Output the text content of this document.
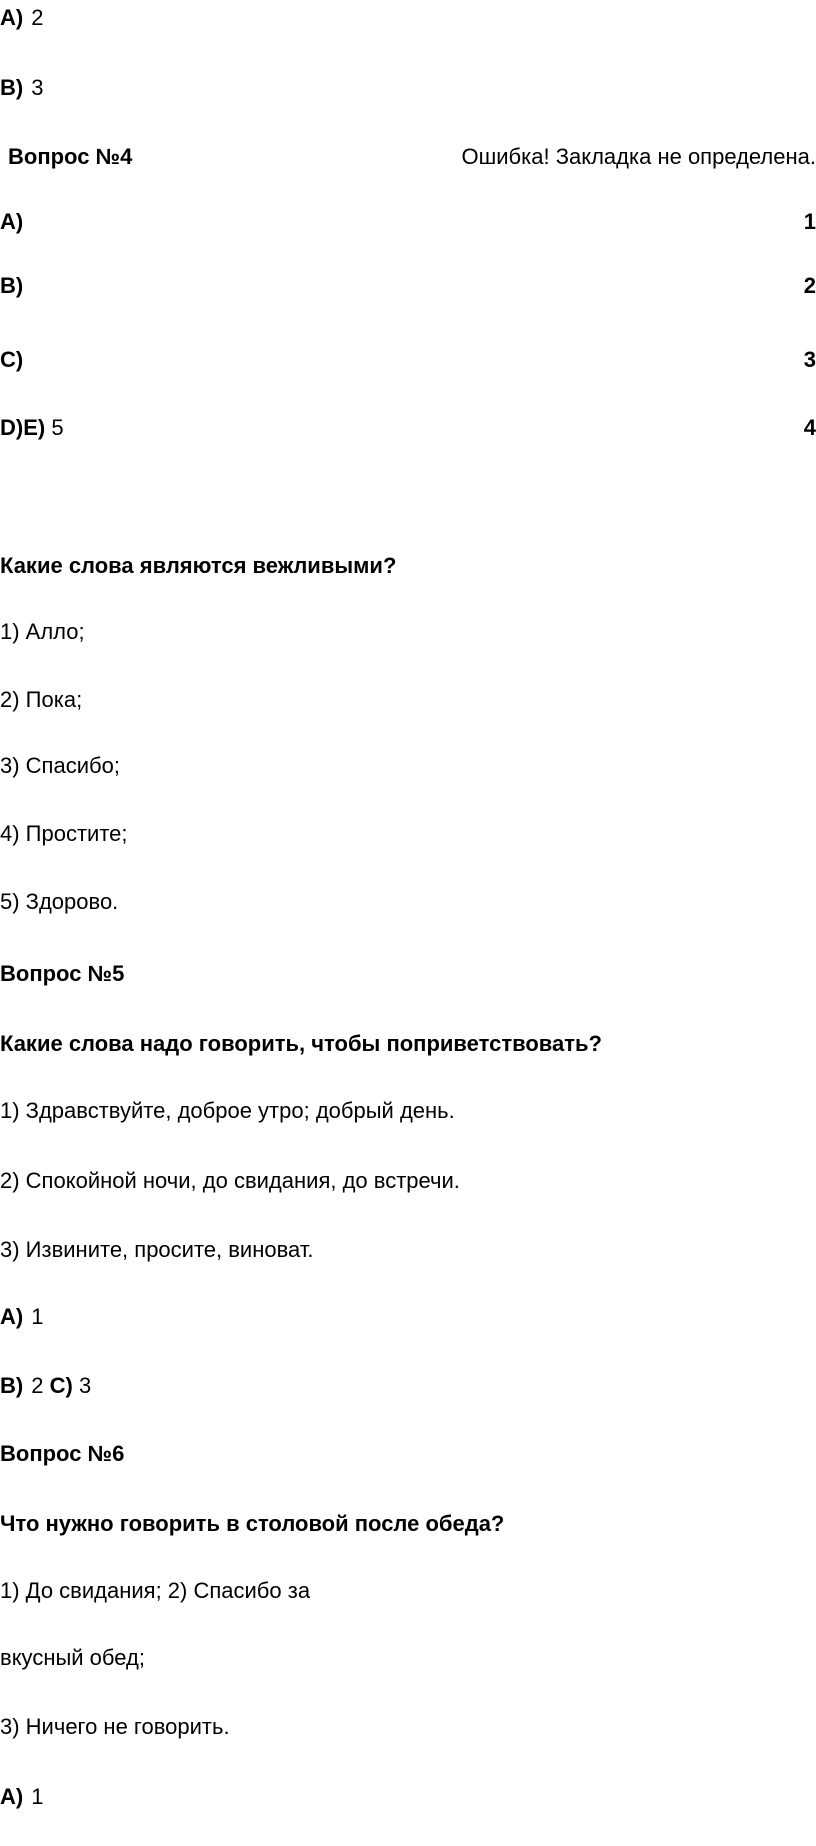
А) 2
В) 3
Вопрос №4	Ошибка! Закладка не определена.
A)	1
B)	2
C)	3
D)E) 5	4
Какие слова являются вежливыми?
1) Алло;
2) Пока;
3) Спасибо;
4) Простите;
5) Здорово.
Вопрос №5
Какие слова надо говорить, чтобы поприветствовать?
1) Здравствуйте, доброе утро; добрый день.
2) Спокойной ночи, до свидания, до встречи.
3) Извините, просите, виноват.
А) 1
В) 2 С) 3
Вопрос №6
Что нужно говорить в столовой после обеда?
1) До свидания; 2) Спасибо за
вкусный обед;
3) Ничего не говорить.
А) 1
